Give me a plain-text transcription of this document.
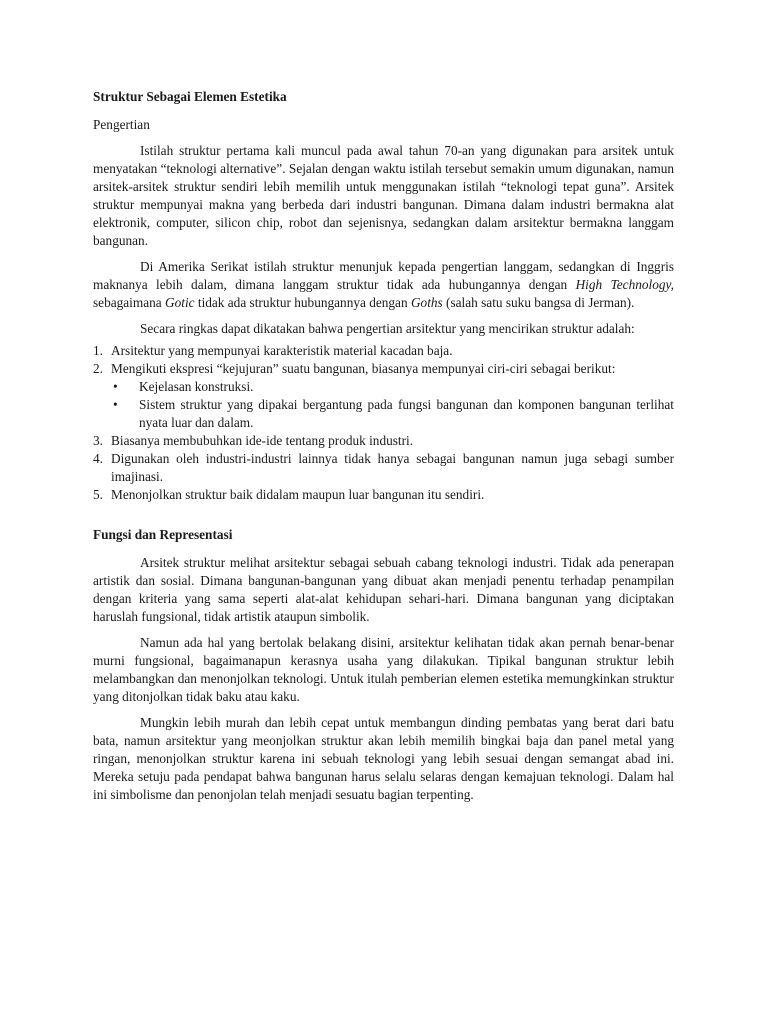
Struktur Sebagai Elemen Estetika

Pengertian

Istilah struktur pertama kali muncul pada awal tahun 70-an yang digunakan para arsitek untuk menyatakan “teknologi alternative”. Sejalan dengan waktu istilah tersebut semakin umum digunakan, namun arsitek-arsitek struktur sendiri lebih memilih untuk menggunakan istilah “teknologi tepat guna”. Arsitek struktur mempunyai makna yang berbeda dari industri bangunan. Dimana dalam industri bermakna alat elektronik, computer, silicon chip, robot dan sejenisnya, sedangkan dalam arsitektur bermakna langgam bangunan.

Di Amerika Serikat istilah struktur menunjuk kepada pengertian langgam, sedangkan di Inggris maknanya lebih dalam, dimana langgam struktur tidak ada hubungannya dengan High Technology, sebagaimana Gotic tidak ada struktur hubungannya dengan Goths (salah satu suku bangsa di Jerman).

Secara ringkas dapat dikatakan bahwa pengertian arsitektur yang mencirikan struktur adalah:

1. Arsitektur yang mempunyai karakteristik material kacadan baja.
2. Mengikuti ekspresi “kejujuran” suatu bangunan, biasanya mempunyai ciri-ciri sebagai berikut:
• Kejelasan konstruksi.
• Sistem struktur yang dipakai bergantung pada fungsi bangunan dan komponen bangunan terlihat nyata luar dan dalam.
3. Biasanya membubuhkan ide-ide tentang produk industri.
4. Digunakan oleh industri-industri lainnya tidak hanya sebagai bangunan namun juga sebagi sumber imajinasi.
5. Menonjolkan struktur baik didalam maupun luar bangunan itu sendiri.
Fungsi dan Representasi

Arsitek struktur melihat arsitektur sebagai sebuah cabang teknologi industri. Tidak ada penerapan artistik dan sosial. Dimana bangunan-bangunan yang dibuat akan menjadi penentu terhadap penampilan dengan kriteria yang sama seperti alat-alat kehidupan sehari-hari. Dimana bangunan yang diciptakan haruslah fungsional, tidak artistik ataupun simbolik.

Namun ada hal yang bertolak belakang disini, arsitektur kelihatan tidak akan pernah benar-benar murni fungsional, bagaimanapun kerasnya usaha yang dilakukan. Tipikal bangunan struktur lebih melambangkan dan menonjolkan teknologi. Untuk itulah pemberian elemen estetika memungkinkan struktur yang ditonjolkan tidak baku atau kaku.

Mungkin lebih murah dan lebih cepat untuk membangun dinding pembatas yang berat dari batu bata, namun arsitektur yang meonjolkan struktur akan lebih memilih bingkai baja dan panel metal yang ringan, menonjolkan struktur karena ini sebuah teknologi yang lebih sesuai dengan semangat abad ini. Mereka setuju pada pendapat bahwa bangunan harus selalu selaras dengan kemajuan teknologi. Dalam hal ini simbolisme dan penonjolan telah menjadi sesuatu bagian terpenting.
